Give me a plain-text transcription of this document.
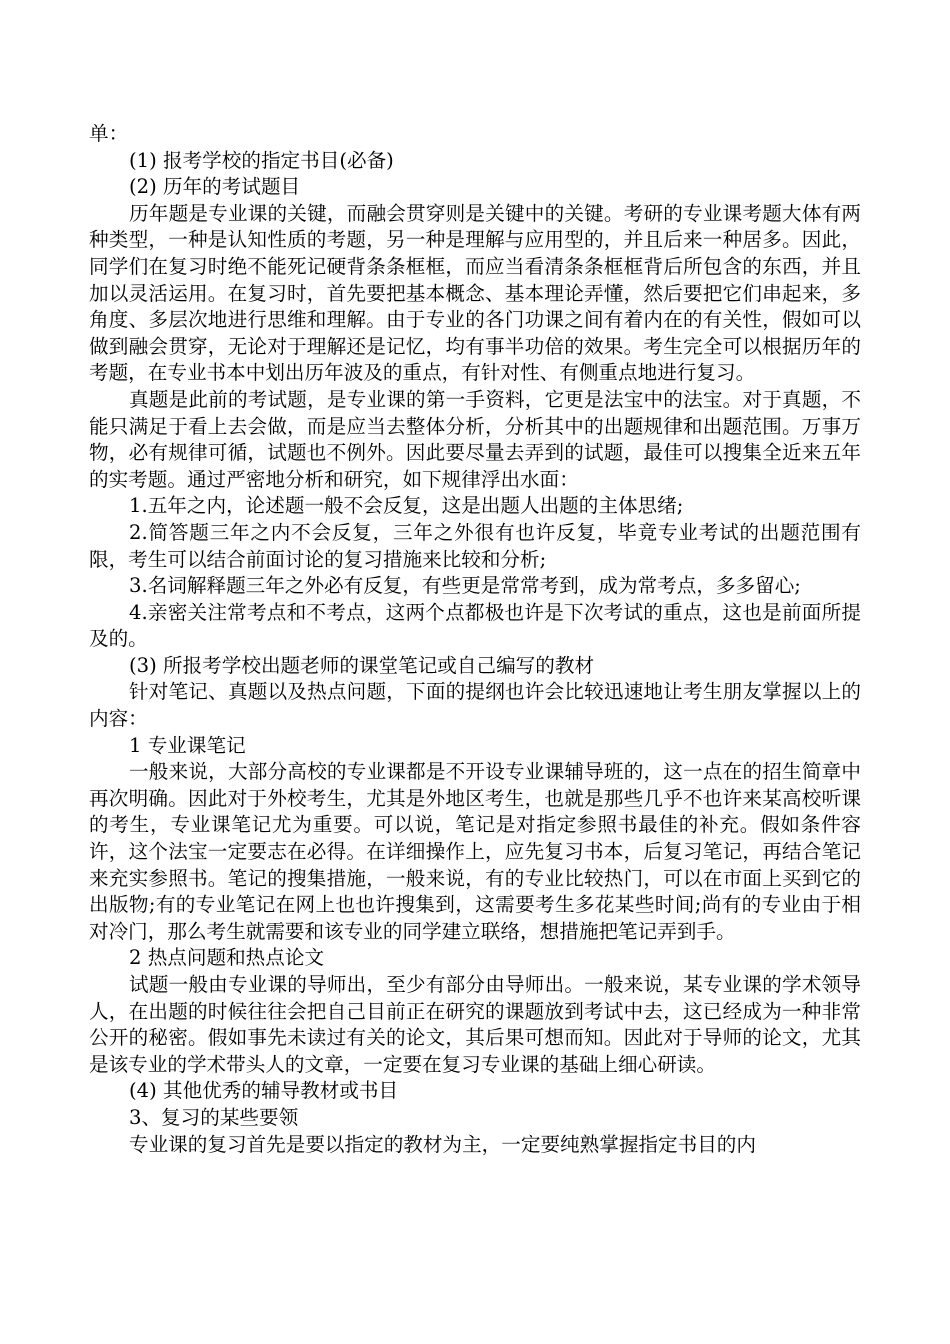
单：

(1) 报考学校的指定书目(必备)

(2) 历年的考试题目

历年题是专业课的关键，而融会贯穿则是关键中的关键。考研的专业课考题大体有两种类型，一种是认知性质的考题，另一种是理解与应用型的，并且后来一种居多。因此，同学们在复习时绝不能死记硬背条条框框，而应当看清条条框框背后所包含的东西，并且加以灵活运用。在复习时，首先要把基本概念、基本理论弄懂，然后要把它们串起来，多角度、多层次地进行思维和理解。由于专业的各门功课之间有着内在的有关性，假如可以做到融会贯穿，无论对于理解还是记忆，均有事半功倍的效果。考生完全可以根据历年的考题，在专业书本中划出历年波及的重点，有针对性、有侧重点地进行复习。

真题是此前的考试题，是专业课的第一手资料，它更是法宝中的法宝。对于真题，不能只满足于看上去会做，而是应当去整体分析，分析其中的出题规律和出题范围。万事万物，必有规律可循，试题也不例外。因此要尽量去弄到的试题，最佳可以搜集全近来五年的实考题。通过严密地分析和研究，如下规律浮出水面：

1.五年之内，论述题一般不会反复，这是出题人出题的主体思绪;

2.简答题三年之内不会反复，三年之外很有也许反复，毕竟专业考试的出题范围有限，考生可以结合前面讨论的复习措施来比较和分析;

3.名词解释题三年之外必有反复，有些更是常常考到，成为常考点，多多留心;

4.亲密关注常考点和不考点，这两个点都极也许是下次考试的重点，这也是前面所提及的。

(3) 所报考学校出题老师的课堂笔记或自己编写的教材

针对笔记、真题以及热点问题，下面的提纲也许会比较迅速地让考生朋友掌握以上的内容：

1 专业课笔记

一般来说，大部分高校的专业课都是不开设专业课辅导班的，这一点在的招生简章中再次明确。因此对于外校考生，尤其是外地区考生，也就是那些几乎不也许来某高校听课的考生，专业课笔记尤为重要。可以说，笔记是对指定参照书最佳的补充。假如条件容许，这个法宝一定要志在必得。在详细操作上，应先复习书本，后复习笔记，再结合笔记来充实参照书。笔记的搜集措施，一般来说，有的专业比较热门，可以在市面上买到它的出版物;有的专业笔记在网上也也许搜集到，这需要考生多花某些时间;尚有的专业由于相对冷门，那么考生就需要和该专业的同学建立联络，想措施把笔记弄到手。

2 热点问题和热点论文

试题一般由专业课的导师出，至少有部分由导师出。一般来说，某专业课的学术领导人，在出题的时候往往会把自己目前正在研究的课题放到考试中去，这已经成为一种非常公开的秘密。假如事先未读过有关的论文，其后果可想而知。因此对于导师的论文，尤其是该专业的学术带头人的文章，一定要在复习专业课的基础上细心研读。

(4) 其他优秀的辅导教材或书目

3、复习的某些要领

专业课的复习首先是要以指定的教材为主，一定要纯熟掌握指定书目的内
